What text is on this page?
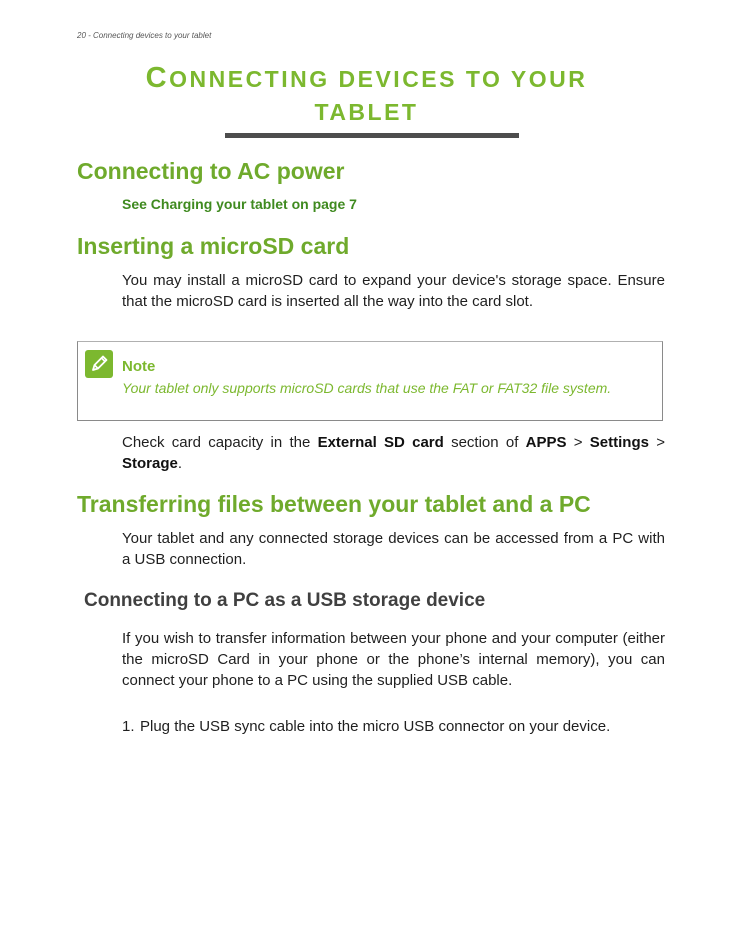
20 - Connecting devices to your tablet
CONNECTING DEVICES TO YOUR
TABLET
Connecting to AC power
See Charging your tablet on page 7
Inserting a microSD card

You may install a microSD card to expand your device's storage space. Ensure that the microSD card is inserted all the way into the card slot.

Note

Your tablet only supports microSD cards that use the FAT or FAT32 file system.

Check card capacity in the External SD card section of APPS > Settings > Storage.

Transferring files between your tablet and a PC

Your tablet and any connected storage devices can be accessed from a PC with a USB connection.

Connecting to a PC as a USB storage device

If you wish to transfer information between your phone and your computer (either the microSD Card in your phone or the phone’s internal memory), you can connect your phone to a PC using the supplied USB cable.

1. Plug the USB sync cable into the micro USB connector on your device.
